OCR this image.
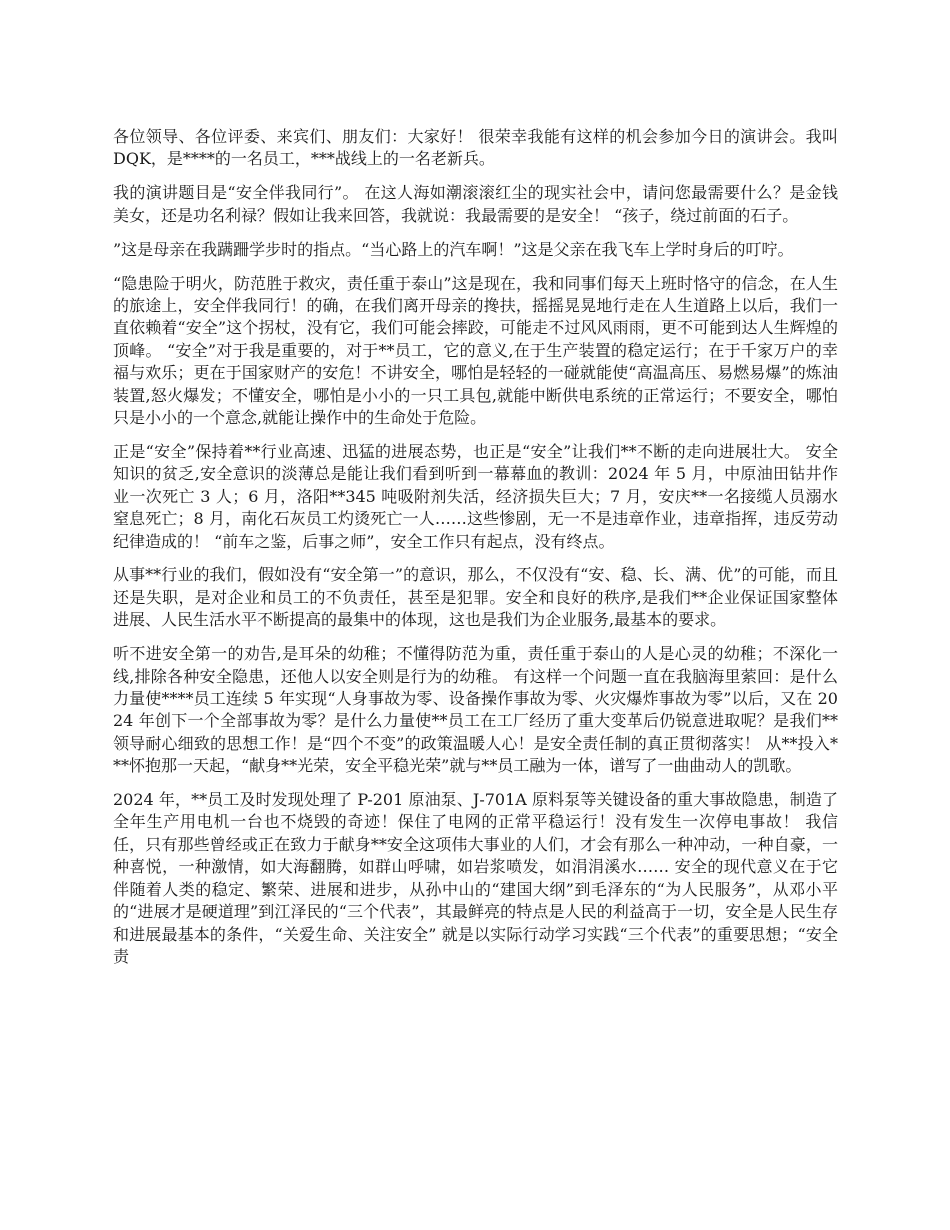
各位领导、各位评委、来宾们、朋友们：大家好！ 很荣幸我能有这样的机会参加今日的演讲会。我叫 DQK，是****的一名员工，***战线上的一名老新兵。

我的演讲题目是“安全伴我同行”。 在这人海如潮滚滚红尘的现实社会中，请问您最需要什么？是金钱美女，还是功名利禄？假如让我来回答，我就说：我最需要的是安全！ “孩子，绕过前面的石子。

”这是母亲在我蹒跚学步时的指点。“当心路上的汽车啊！”这是父亲在我飞车上学时身后的叮咛。

“隐患险于明火，防范胜于救灾，责任重于泰山”这是现在，我和同事们每天上班时恪守的信念，在人生的旅途上，安全伴我同行！的确，在我们离开母亲的搀扶，摇摇晃晃地行走在人生道路上以后，我们一直依赖着“安全”这个拐杖，没有它，我们可能会摔跤，可能走不过风风雨雨，更不可能到达人生辉煌的顶峰。 “安全”对于我是重要的，对于**员工，它的意义,在于生产装置的稳定运行；在于千家万户的幸福与欢乐；更在于国家财产的安危！不讲安全，哪怕是轻轻的一碰就能使“高温高压、易燃易爆”的炼油装置,怒火爆发；不懂安全，哪怕是小小的一只工具包,就能中断供电系统的正常运行；不要安全，哪怕只是小小的一个意念,就能让操作中的生命处于危险。

正是“安全”保持着**行业高速、迅猛的进展态势，也正是“安全”让我们**不断的走向进展壮大。 安全知识的贫乏,安全意识的淡薄总是能让我们看到听到一幕幕血的教训：2024 年 5 月，中原油田钻井作业一次死亡 3 人；6 月，洛阳**345 吨吸附剂失活，经济损失巨大；7 月，安庆**一名接缆人员溺水窒息死亡；8 月，南化石灰员工灼烫死亡一人……这些惨剧，无一不是违章作业，违章指挥，违反劳动纪律造成的！ “前车之鉴，后事之师”，安全工作只有起点，没有终点。

从事**行业的我们，假如没有“安全第一”的意识，那么，不仅没有“安、稳、长、满、优”的可能，而且还是失职，是对企业和员工的不负责任，甚至是犯罪。安全和良好的秩序,是我们**企业保证国家整体进展、人民生活水平不断提高的最集中的体现，这也是我们为企业服务,最基本的要求。

听不进安全第一的劝告,是耳朵的幼稚；不懂得防范为重，责任重于泰山的人是心灵的幼稚；不深化一线,排除各种安全隐患，还他人以安全则是行为的幼稚。 有这样一个问题一直在我脑海里萦回：是什么力量使****员工连续 5 年实现“人身事故为零、设备操作事故为零、火灾爆炸事故为零”以后，又在 2024 年创下一个全部事故为零？是什么力量使**员工在工厂经历了重大变革后仍锐意进取呢？是我们**领导耐心细致的思想工作！是“四个不变”的政策温暖人心！是安全责任制的真正贯彻落实！ 从**投入***怀抱那一天起，“献身**光荣，安全平稳光荣”就与**员工融为一体，谱写了一曲曲动人的凯歌。

2024 年，**员工及时发现处理了 P-201 原油泵、J-701A 原料泵等关键设备的重大事故隐患，制造了全年生产用电机一台也不烧毁的奇迹！保住了电网的正常平稳运行！没有发生一次停电事故！ 我信任，只有那些曾经或正在致力于献身**安全这项伟大事业的人们，才会有那么一种冲动，一种自豪，一种喜悦，一种激情，如大海翻腾，如群山呼啸，如岩浆喷发，如涓涓溪水…… 安全的现代意义在于它伴随着人类的稳定、繁荣、进展和进步，从孙中山的“建国大纲”到毛泽东的“为人民服务”，从邓小平的“进展才是硬道理”到江泽民的“三个代表”，其最鲜亮的特点是人民的利益高于一切，安全是人民生存和进展最基本的条件，“关爱生命、关注安全” 就是以实际行动学习实践“三个代表”的重要思想；“安全责
